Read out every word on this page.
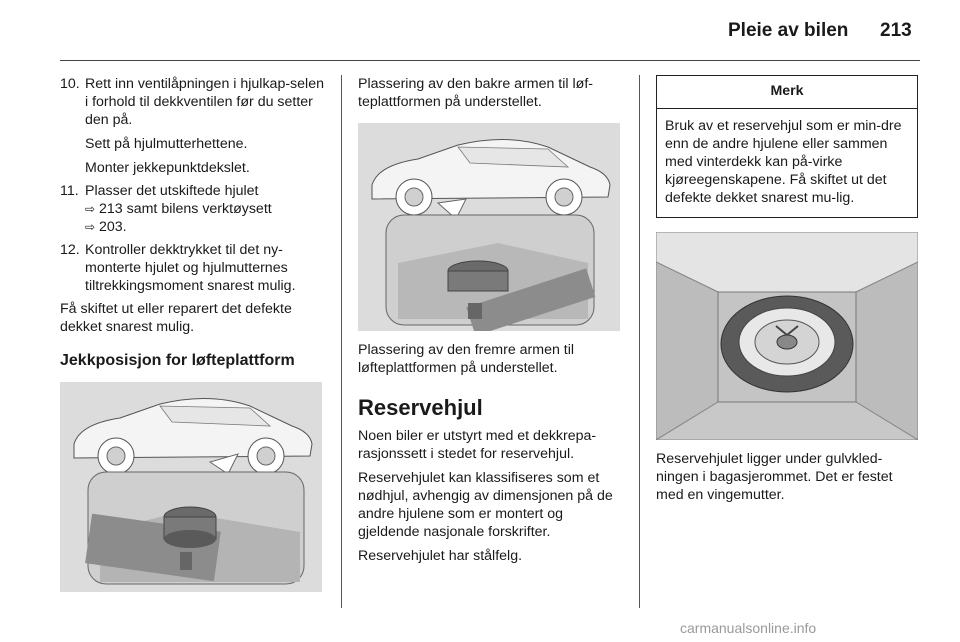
Pleie av bilen 213
10. Rett inn ventilåpningen i hjulkap-selen i forhold til dekkventilen før du setter den på.

Sett på hjulmutterhettene.

Monter jekkepunktdekslet.

11. Plasser det utskiftede hjulet

⇨ 213 samt bilens verktøysett

⇨ 203.

12. Kontroller dekktrykket til det ny-monterte hjulet og hjulmutternes tiltrekkingsmoment snarest mulig.

Få skiftet ut eller reparert det defekte dekket snarest mulig.

Jekkposisjon for løfteplattform

Plassering av den bakre armen til løf-teplattformen på understellet.

Plassering av den fremre armen til løfteplattformen på understellet.

Reservehjul

Noen biler er utstyrt med et dekkrepa-rasjonssett i stedet for reservehjul.

Reservehjulet kan klassifiseres som et nødhjul, avhengig av dimensjonen på de andre hjulene som er montert og gjeldende nasjonale forskrifter.

Reservehjulet har stålfelg.

Merk
Bruk av et reservehjul som er min-dre enn de andre hjulene eller sammen med vinterdekk kan på-virke kjøreegenskapene. Få skiftet ut det defekte dekket snarest mu-lig.

Reservehjulet ligger under gulvkled-ningen i bagasjerommet. Det er festet med en vingemutter.

carmanualsonline.info
